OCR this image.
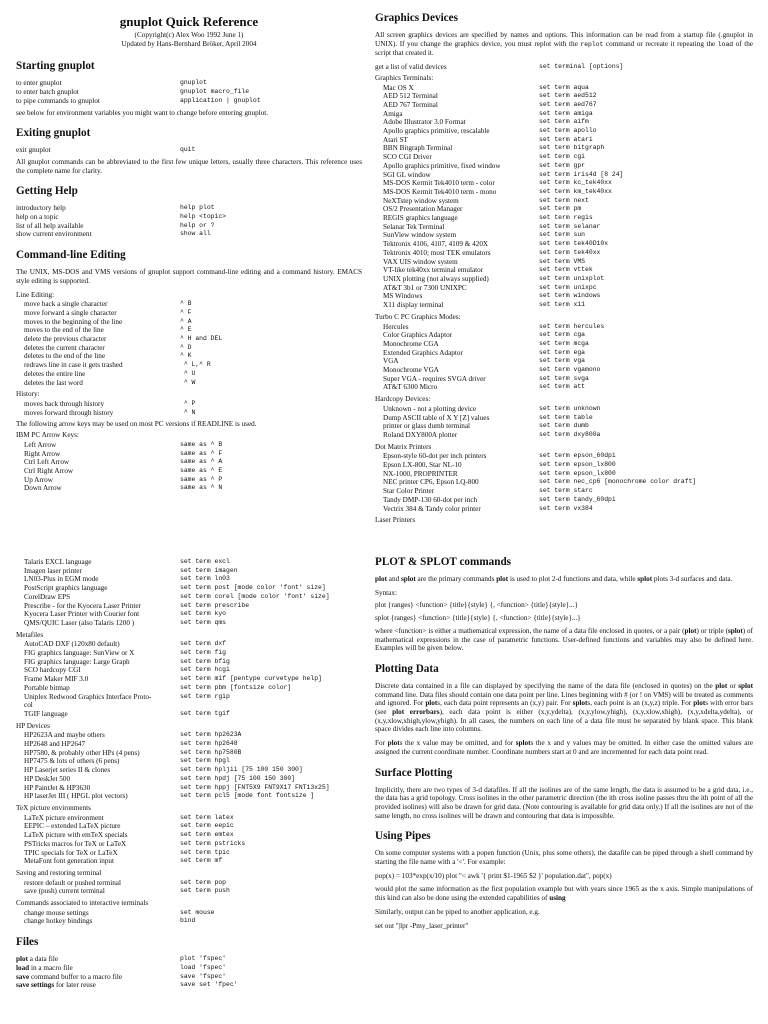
gnuplot Quick Reference
(Copyright(c) Alex Woo 1992 June 1)
Updated by Hans-Bernhard Bröker, April 2004
Starting gnuplot
to enter gnuplot	gnuplot
to enter batch gnuplot	gnuplot macro_file
to pipe commands to gnuplot	application | gnuplot

see below for environment variables you might want to change before entering gnuplot.

Exiting gnuplot
exit gnuplot	quit

All gnuplot commands can be abbreviated to the first few unique letters, usually three characters. This reference uses the complete name for clarity.

Getting Help
introductory help	help plot
help on a topic	help <topic>
list of all help available	help or ?
show current environment	show all
Command-line Editing

The UNIX, MS-DOS and VMS versions of gnuplot support command-line editing and a command history. EMACS style editing is supported.

Line Editing:
move back a single character	^ B
move forward a single character	^ F
moves to the beginning of the line	^ A
moves to the end of the line	^ E
delete the previous character	^ H and DEL
deletes the current character	^ D
deletes to the end of the line	^ K
redraws line in case it gets trashed	^ L,^ R
deletes the entire line	^ U
deletes the last word	^ W
History:
moves back through history	^ P
moves forward through history	^ N
The following arrow keys may be used on most PC versions if READLINE is used.
IBM PC Arrow Keys:
Left Arrow	same as ^ B
Right Arrow	same as ^ F
Ctrl Left Arrow	same as ^ A
Ctrl Right Arrow	same as ^ E
Up Arrow	same as ^ P
Down Arrow	same as ^ N
Talaris EXCL language	set term excl
Imagen laser printer	set term imagen
LN03-Plus in EGM mode	set term ln03
PostScript graphics language	set term post [mode color 'font' size]
CorelDraw EPS	set term corel [mode color 'font' size]
Prescribe - for the Kyocera Laser Printer	set term prescribe
Kyocera Laser Printer with Courier font	set term kyo
QMS/QUIC Laser (also Talaris 1200 )	set term qms
Metafiles
AutoCAD DXF (120x80 default)	set term dxf
FIG graphics language: SunView or X	set term fig
FIG graphics language: Large Graph	set term bfig
SCO hardcopy CGI	set term hcgi
Frame Maker MIF 3.0	set term mif [pentype curvetype help]
Portable bitmap	set term pbm [fontsize color]
Uniplex Redwood Graphics Interface Proto-	set term rgip
col
TGIF language	set term tgif
HP Devices
HP2623A and maybe others	set term hp2623A
HP2648 and HP2647	set term hp2648
HP7580, & probably other HPs (4 pens)	set term hp7580B
HP7475 & lots of others (6 pens)	set term hpgl
HP Laserjet series II & clones	set term hpljii [75 100 150 300]
HP DeskJet 500	set term hpdj [75 100 150 300]
HP PaintJet & HP3630	set term hppj [FNT5X9 FNT9X17 FNT13x25]
HP laserJet III ( HPGL plot vectors)	set term pcl5 [mode font fontsize ]
TeX picture environments
LaTeX picture environment	set term latex
EEPIC – extended LaTeX picture	set term eepic
LaTeX picture with emTeX specials	set term emtex
PSTricks macros for TeX or LaTeX	set term pstricks
TPIC specials for TeX or LaTeX	set term tpic
MetaFont font generation input	set term mf
Saving and restoring terminal
restore default or pushed terminal	set term pop
save (push) current terminal	set term push
Commands associated to interactive terminals
change mouse settings	set mouse
change hotkey bindings	bind
Files
plot a data file	plot 'fspec'
load in a macro file	load 'fspec'
save command buffer to a macro file	save 'fspec'
save settings for later reuse	save set 'fpec'
Graphics Devices

All screen graphics devices are specified by names and options. This information can be read from a startup file (.gnuplot in UNIX). If you change the graphics device, you must replot with the replot command or recreate it repeating the load of the script that created it.

get a list of valid devices	set terminal [options]
Graphics Terminals:
Mac OS X	set term aqua
AED 512 Terminal	set term aed512
AED 767 Terminal	set term aed767
Amiga	set term amiga
Adobe Illustrator 3.0 Format	set term aifm
Apollo graphics primitive, rescalable	set term apollo
Atari ST	set term atari
BBN Bitgraph Terminal	set term bitgraph
SCO CGI Driver	set term cgi
Apollo graphics primitive, fixed window	set term gpr
SGI GL window	set term iris4d [8 24]
MS-DOS Kermit Tek4010 term - color	set term kc_tek40xx
MS-DOS Kermit Tek4010 term - mono	set term km_tek40xx
NeXTstep window system	set term next
OS/2 Presentation Manager	set term pm
REGIS graphics language	set term regis
Selanar Tek Terminal	set term selanar
SunView window system	set term sun
Tektronix 4106, 4107, 4109 & 420X	set term tek40D10x
Tektronix 4010; most TEK emulators	set term tek40xx
VAX UIS window system	set term VMS
VT-like tek40xx terminal emulator	set term vttek
UNIX plotting (not always supplied)	set term unixplot
AT&T 3b1 or 7300 UNIXPC	set term unixpc
MS Windows	set term windows
X11 display terminal	set term x11
Turbo C PC Graphics Modes:
Hercules	set term hercules
Color Graphics Adaptor	set term cga
Monochrome CGA	set term mcga
Extended Graphics Adaptor	set term ega
VGA	set term vga
Monochrome VGA	set term vgamono
Super VGA - requires SVGA driver	set term svga
AT&T 6300 Micro	set term att
Hardcopy Devices:
Unknown - not a plotting device	set term unknown
Dump ASCII table of X Y [Z] values	set term table
printer or glass dumb terminal	set term dumb
Roland DXY800A plotter	set term dxy800a
Dot Matrix Printers
Epson-style 60-dot per inch printers	set term epson_60dpi
Epson LX-800, Star NL-10	set term epson_lx800
NX-1000, PROPRINTER	set term epson_lx800
NEC printer CP6, Epson LQ-800	set term nec_cp6 [monochrome color draft]
Star Color Printer	set term starc
Tandy DMP-130 60-dot per inch	set term tandy_60dpi
Vectrix 384 & Tandy color printer	set term vx384
Laser Printers
PLOT & SPLOT commands

plot and splot are the primary commands plot is used to plot 2-d functions and data, while splot plots 3-d surfaces and data.

Syntax:
plot {ranges} <function> {title}{style} {, <function> {title}{style}...}
splot {ranges} <function> {title}{style} {, <function> {title}{style}...}

where <function> is either a mathematical expression, the name of a data file enclosed in quotes, or a pair (plot) or triple (splot) of mathematical expressions in the case of parametric functions. User-defined functions and variables may also be defined here. Examples will be given below.

Plotting Data

Discrete data contained in a file can displayed by specifying the name of the data file (enclosed in quotes) on the plot or splot command line. Data files should contain one data point per line. Lines beginning with # (or ! on VMS) will be treated as comments and ignored. For plots, each data point represents an (x,y) pair. For splots, each point is an (x,y,z) triple. For plots with error bars (see plot errorbars), each data point is either (x,y,ydelta), (x,y,ylow,yhigh), (x,y,xlow,xhigh), (x,y,xdelta,ydelta), or (x,y,xlow,xhigh,ylow,yhigh). In all cases, the numbers on each line of a data file must be separated by blank space. This blank space divides each line into columns.

For plots the x value may be omitted, and for splots the x and y values may be omitted. In either case the omitted values are assigned the current coordinate number. Coordinate numbers start at 0 and are incremented for each data point read.

Surface Plotting

Implicitly, there are two types of 3-d datafiles. If all the isolines are of the same length, the data is assumed to be a grid data, i.e., the data has a grid topology. Cross isolines in the other parametric direction (the ith cross isoline passes thru the ith point of all the provided isolines) will also be drawn for grid data. (Note contouring is available for grid data only.) If all the isolines are not of the same length, no cross isolines will be drawn and contouring that data is impossible.

Using Pipes

On some computer systems with a popen function (Unix, plus some others), the datafile can be piped through a shell command by starting the file name with a '<'. For example:

pop(x) = 103*exp(x/10) plot "< awk '{ print $1-1965 $2 }' population.dat", pop(x)

would plot the same information as the first population example but with years since 1965 as the x axis. Simple manipulations of this kind can also be done using the extended capabilities of using

Similarly, output can be piped to another application, e.g.

set out "|lpr -Pmy_laser_printer"
